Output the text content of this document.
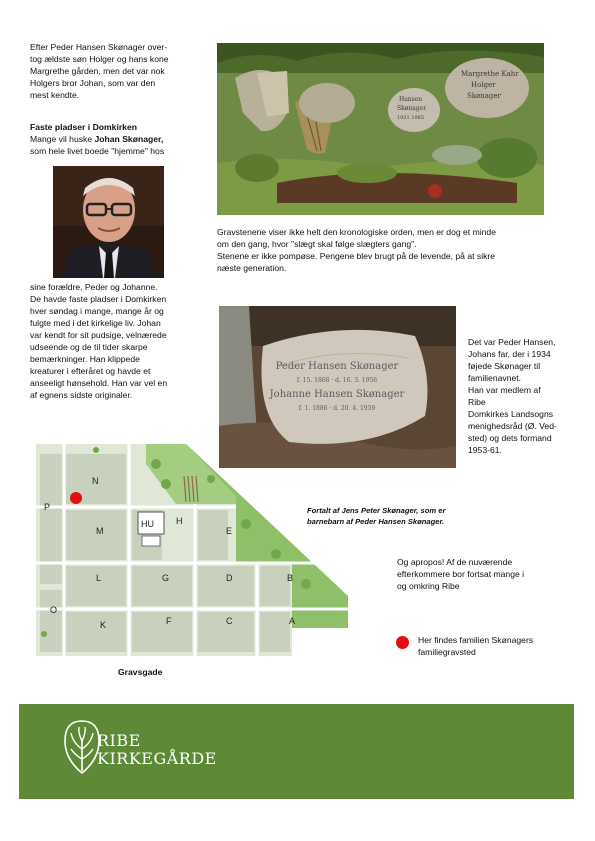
Efter Peder Hansen Skønager over-
tog ældste søn Holger og hans kone
Margrethe gården, men det var nok
Holgers bror Johan, som var den
mest kendte.
Faste pladser i Domkirken
Mange vil huske Johan Skønager,
som hele livet boede "hjemme" hos
sine forældre, Peder og Johanne.
De havde faste pladser i Domkirken
hver søndag i mange, mange år og
fulgte med i det kirkelige liv. Johan
var kendt for sit pudsige, velnærede
udseende og de til tider skarpe
bemærkninger. Han klippede
kreaturer i efteråret og havde et
anseeligt hønsehold. Han var vel en
af egnens sidste originaler.
Margrethe Kahr
Holger
Skønager
Hansen
Skønager
1921 1985
Gravstenene viser ikke helt den kronologiske orden, men er dog et minde
om den gang, hvor "slægt skal følge slægters gang".
Stenene er ikke pompøse. Pengene blev brugt på de levende, på at sikre
næste generation.
Peder Hansen Skønager
f. 15. 1868 · d. 16. 3. 1956
Johanne Hansen Skønager
f. 1. 1886 · d. 20. 4. 1959
Det var Peder Hansen,
Johans far, der i 1934
føjede Skønager til
familienavnet.
Han var medlem af
Ribe
Domkirkes Landsogns
menighedsråd (Ø. Ved-
sted) og dets formand
1953-61.
Fortalt af Jens Peter Skønager, som er
barnebarn af Peder Hansen Skønager.
Og apropos! Af de nuværende
efterkommere bor fortsat mange i
og omkring Ribe
Her findes familien Skønagers
familiegravsted
N
P
M
HU H
E
L	G	D	B
O
K	F	C	A
Gravsgade
RIBE
KIRKEGÅRDE
